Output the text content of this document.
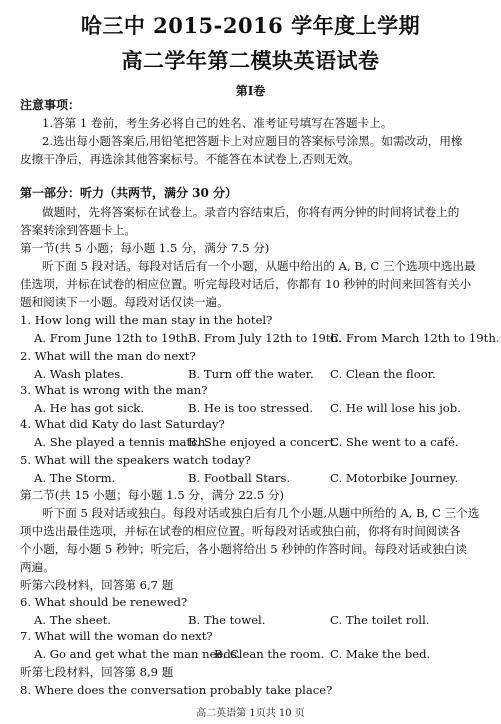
哈三中 2015-2016 学年度上学期
高二学年第二模块英语试卷
第Ⅰ卷
注意事项：
1.答第 1 卷前，考生务必将自己的姓名、准考证号填写在答题卡上。
2.选出每小题答案后,用铅笔把答题卡上对应题目的答案标号涂黑。如需改动，用橡
皮擦干净后，再选涂其他答案标号。不能答在本试卷上,否则无效。
第一部分：听力（共两节，满分 30 分）
做题时，先将答案标在试卷上。录音内容结束后，你将有两分钟的时间将试卷上的
答案转涂到答题卡上。
第一节(共 5 小题；每小题 1.5 分，满分 7.5 分)
听下面 5 段对话。每段对话后有一个小题，从题中给出的 A, B, C 三个选项中选出最
佳选项，并标在试卷的相应位置。听完每段对话后，你都有 10 秒钟的时间来回答有关小
题和阅读下一小题。每段对话仅读一遍。
1. How long will the man stay in the hotel?
A. From June 12th to 19th.
B. From July 12th to 19th.
C. From March 12th to 19th.
2. What will the man do next?
A. Wash plates.	B. Turn off the water. C. Clean the floor.
3. What is wrong with the man?
A. He has got sick.	B. He is too stressed. C. He will lose his job.
4. What did Katy do last Saturday?
A. She played a tennis match.
B. She enjoyed a concert.
C. She went to a café.
5. What will the speakers watch today?
A. The Storm.	B. Football Stars.	C. Motorbike Journey.
第二节(共 15 小题；每小题 1.5 分，满分 22.5 分)
听下面 5 段对话或独白。每段对话或独白后有几个小题,从题中所给的 A, B, C 三个选
项中选出最佳选项，并标在试卷的相应位置。听每段对话或独白前，你将有时间阅读各
个小题，每小题 5 秒钟；听完后，各小题将给出 5 秒钟的作答时间。每段对话或独白读
两遍。
听第六段材料，回答第 6,7 题
6. What should be renewed?
A. The sheet.	B. The towel.	C. The toilet roll.
7. What will the woman do next?
A. Go and get what the man needs.
B. Clean the room. C. Make the bed.
听第七段材料，回答第 8,9 题
8. Where does the conversation probably take place?
高二英语第 1页共 10 页
